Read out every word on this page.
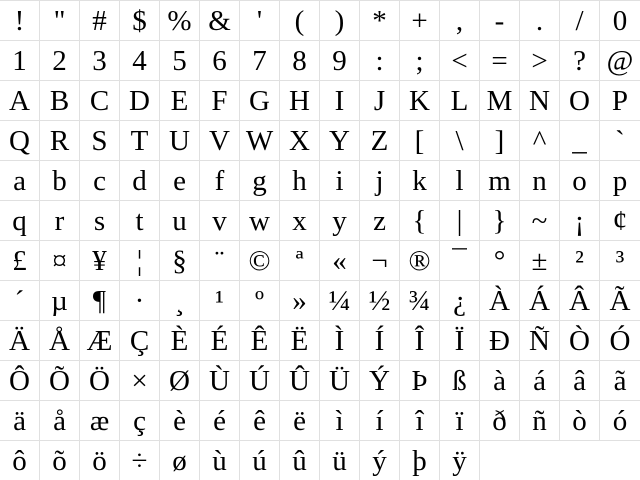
!	" # $ % & '	(	) * + ,	-	.	/	0
1 2 3 4 5 6 7 8 9 :	; < = > ? @
A B C D E F G H I	J K L M N O P
Q R S T U V W X Y Z [	\	] ^ _ `
a b c d e f g h i	j k l m n o p
q r	s	t u v w x y z {	|	} ~ ¡ ¢
£ ¤ ¥	¦	§ ¨ © ª « ¬ ® ¯ ° ± ²	³
´ µ ¶ ·	¸	¹	º » ¼ ½ ¾ ¿ À Á Â Ã
Ä Å Æ Ç È É Ê Ë Ì	Í	Î	Ï Ð Ñ Ò Ó
Ô Õ Ö × Ø Ù Ú Û Ü Ý Þ ß à á â ã
ä å æ ç è é ê ë	ì	í	î	ï ð ñ ò ó
ô õ ö ÷ ø ù ú û ü ý þ ÿ
